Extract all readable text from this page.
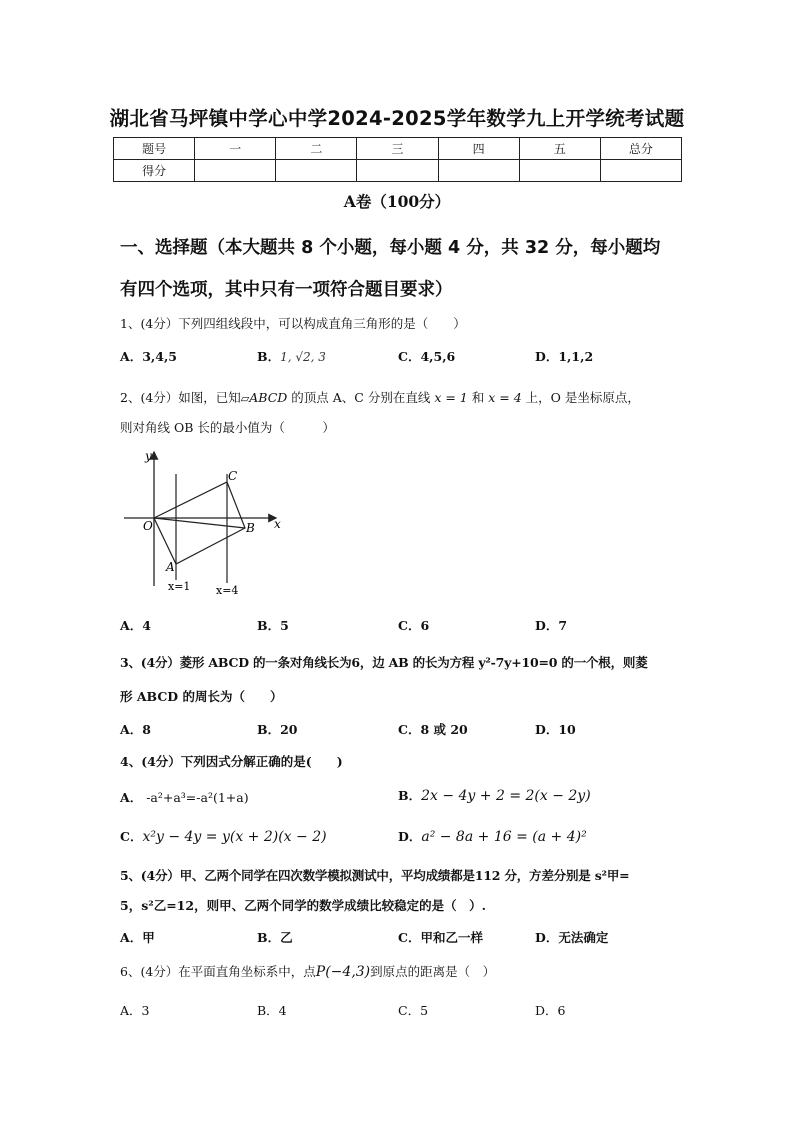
湖北省马坪镇中学心中学2024-2025学年数学九上开学统考试题
题号	一	二	三	四	五	总分
得分						
A卷（100分）
一、选择题（本大题共 8 个小题，每小题 4 分，共 32 分，每小题均
有四个选项，其中只有一项符合题目要求）
1、(4分）下列四组线段中，可以构成直角三角形的是（　　）
A．3,4,5	B．1, √2, 3	C．4,5,6	D．1,1,2
2、(4分）如图，已知▱ABCD 的顶点 A、C 分别在直线 x = 1 和 x = 4 上，O 是坐标原点，
则对角线 OB 长的最小值为（　　　）
y
x
O
C
B
A
x=1 x=4
A．4	B．5	C．6	D．7
3、(4分）菱形 ABCD 的一条对角线长为6，边 AB 的长为方程 y²-7y+10=0 的一个根，则菱
形 ABCD 的周长为（　　）
A．8	B．20	C．8 或 20	D．10
4、(4分）下列因式分解正确的是(　　)
A． -a²+a³=-a²(1+a)	B．2x − 4y + 2 = 2(x − 2y)
C．x²y − 4y = y(x + 2)(x − 2)	D．a² − 8a + 16 = (a + 4)²
5、(4分）甲、乙两个同学在四次数学模拟测试中，平均成绩都是112 分，方差分别是 s²甲=
5，s²乙=12，则甲、乙两个同学的数学成绩比较稳定的是（　）.
A．甲	B．乙	C．甲和乙一样	D．无法确定
6、(4分）在平面直角坐标系中，点P(−4,3)到原点的距离是（　）
A．3	B．4	C．5	D．6
